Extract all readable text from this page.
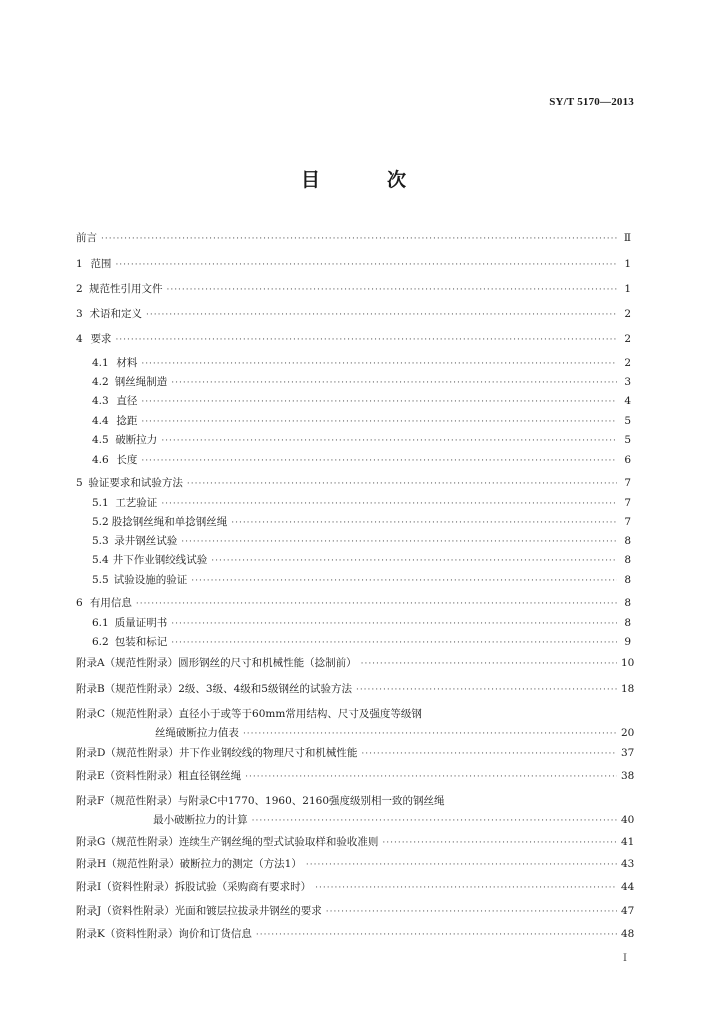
SY/T 5170—2013
目　次
前言 ·····	Ⅱ
1 范围 ·····	1
2 规范性引用文件 ·····	1
3 术语和定义 ·····	2
4 要求 ·····	2
4.1 材料 ·····	2
4.2 钢丝绳制造 ·····	3
4.3 直径 ·····	4
4.4 捻距 ·····	5
4.5 破断拉力 ·····	5
4.6 长度 ·····	6
5 验证要求和试验方法 ·····	7
5.1 工艺验证 ·····	7
5.2 股捻钢丝绳和单捻钢丝绳 ·····	7
5.3 录井钢丝试验 ·····	8
5.4 井下作业钢绞线试验 ·····	8
5.5 试验设施的验证 ·····	8
6 有用信息 ·····	8
6.1 质量证明书 ·····	8
6.2 包装和标记 ·····	9
附录A（规范性附录） 圆形钢丝的尺寸和机械性能（捻制前） ·····	10
附录B（规范性附录） 2级、3级、4级和5级钢丝的试验方法 ·····	18
附录C（规范性附录） 直径小于或等于60mm常用结构、尺寸及强度等级钢
丝绳破断拉力值表 ·····	20
附录D（规范性附录） 井下作业钢绞线的物理尺寸和机械性能 ·····	37
附录E（资料性附录） 粗直径钢丝绳 ·····	38
附录F（规范性附录） 与附录C中1770、1960、2160强度级别相一致的钢丝绳
最小破断拉力的计算 ·····	40
附录G（规范性附录） 连续生产钢丝绳的型式试验取样和验收准则 ·····	41
附录H（规范性附录） 破断拉力的测定（方法1） ·····	43
附录I（资料性附录） 拆股试验（采购商有要求时） ·····	44
附录J（资料性附录） 光面和镀层拉拔录井钢丝的要求 ·····	47
附录K（资料性附录） 询价和订货信息 ·····	48
Ⅰ
